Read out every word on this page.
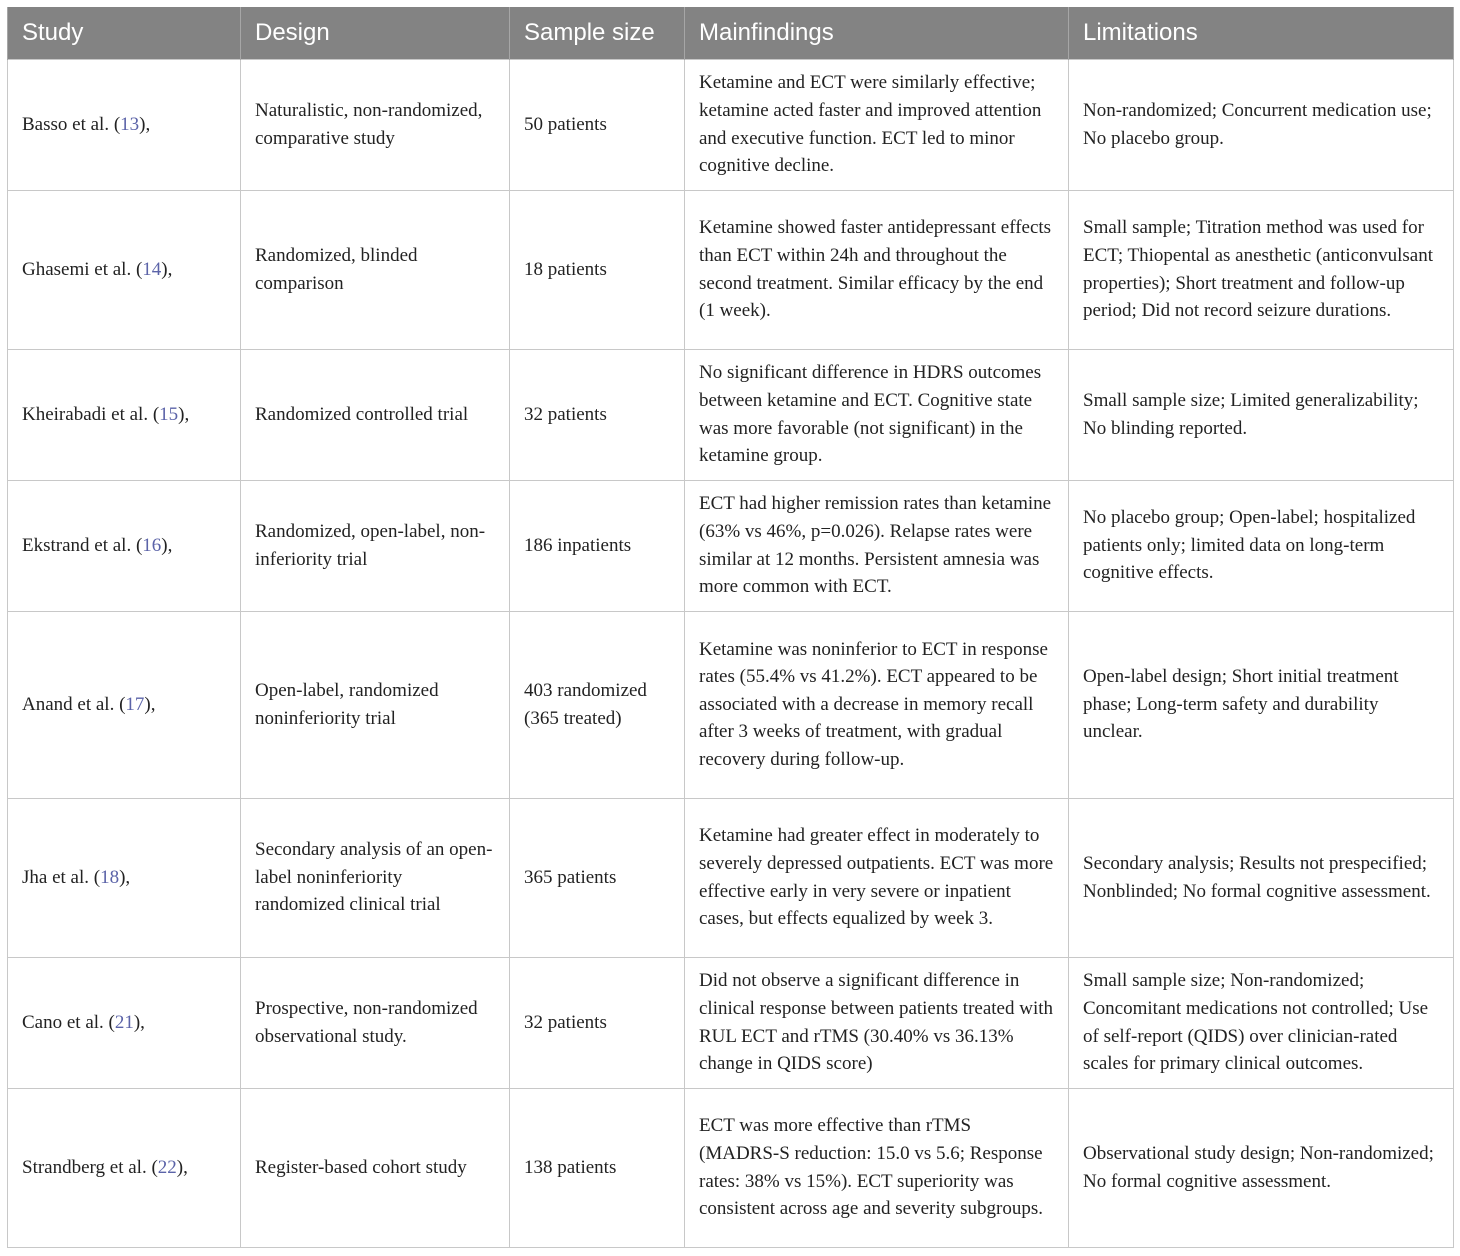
Study	Design	Sample size	Mainfindings	Limitations
Basso et al. (13),	Naturalistic, non-randomized, comparative study	50 patients	Ketamine and ECT were similarly effective; ketamine acted faster and improved attention and executive function. ECT led to minor cognitive decline.	Non-randomized; Concurrent medication use; No placebo group.
Ghasemi et al. (14),	Randomized, blinded comparison	18 patients	Ketamine showed faster antidepressant effects than ECT within 24h and throughout the second treatment. Similar efficacy by the end (1 week).	Small sample; Titration method was used for ECT; Thiopental as anesthetic (anticonvulsant properties); Short treatment and follow-up period; Did not record seizure durations.
Kheirabadi et al. (15),	Randomized controlled trial	32 patients	No significant difference in HDRS outcomes between ketamine and ECT. Cognitive state was more favorable (not significant) in the ketamine group.	Small sample size; Limited generalizability; No blinding reported.
Ekstrand et al. (16),	Randomized, open-label, non-inferiority trial	186 inpatients	ECT had higher remission rates than ketamine (63% vs 46%, p=0.026). Relapse rates were similar at 12 months. Persistent amnesia was more common with ECT.	No placebo group; Open-label; hospitalized patients only; limited data on long-term cognitive effects.
Anand et al. (17),	Open-label, randomized noninferiority trial	403 randomized (365 treated)	Ketamine was noninferior to ECT in response rates (55.4% vs 41.2%). ECT appeared to be associated with a decrease in memory recall after 3 weeks of treatment, with gradual recovery during follow-up.	Open-label design; Short initial treatment phase; Long-term safety and durability unclear.
Jha et al. (18),	Secondary analysis of an open-label noninferiority randomized clinical trial	365 patients	Ketamine had greater effect in moderately to severely depressed outpatients. ECT was more effective early in very severe or inpatient cases, but effects equalized by week 3.	Secondary analysis; Results not prespecified; Nonblinded; No formal cognitive assessment.
Cano et al. (21),	Prospective, non-randomized observational study.	32 patients	Did not observe a significant difference in clinical response between patients treated with RUL ECT and rTMS (30.40% vs 36.13% change in QIDS score)	Small sample size; Non-randomized; Concomitant medications not controlled; Use of self-report (QIDS) over clinician-rated scales for primary clinical outcomes.
Strandberg et al. (22),	Register-based cohort study	138 patients	ECT was more effective than rTMS (MADRS-S reduction: 15.0 vs 5.6; Response rates: 38% vs 15%). ECT superiority was consistent across age and severity subgroups.	Observational study design; Non-randomized; No formal cognitive assessment.
